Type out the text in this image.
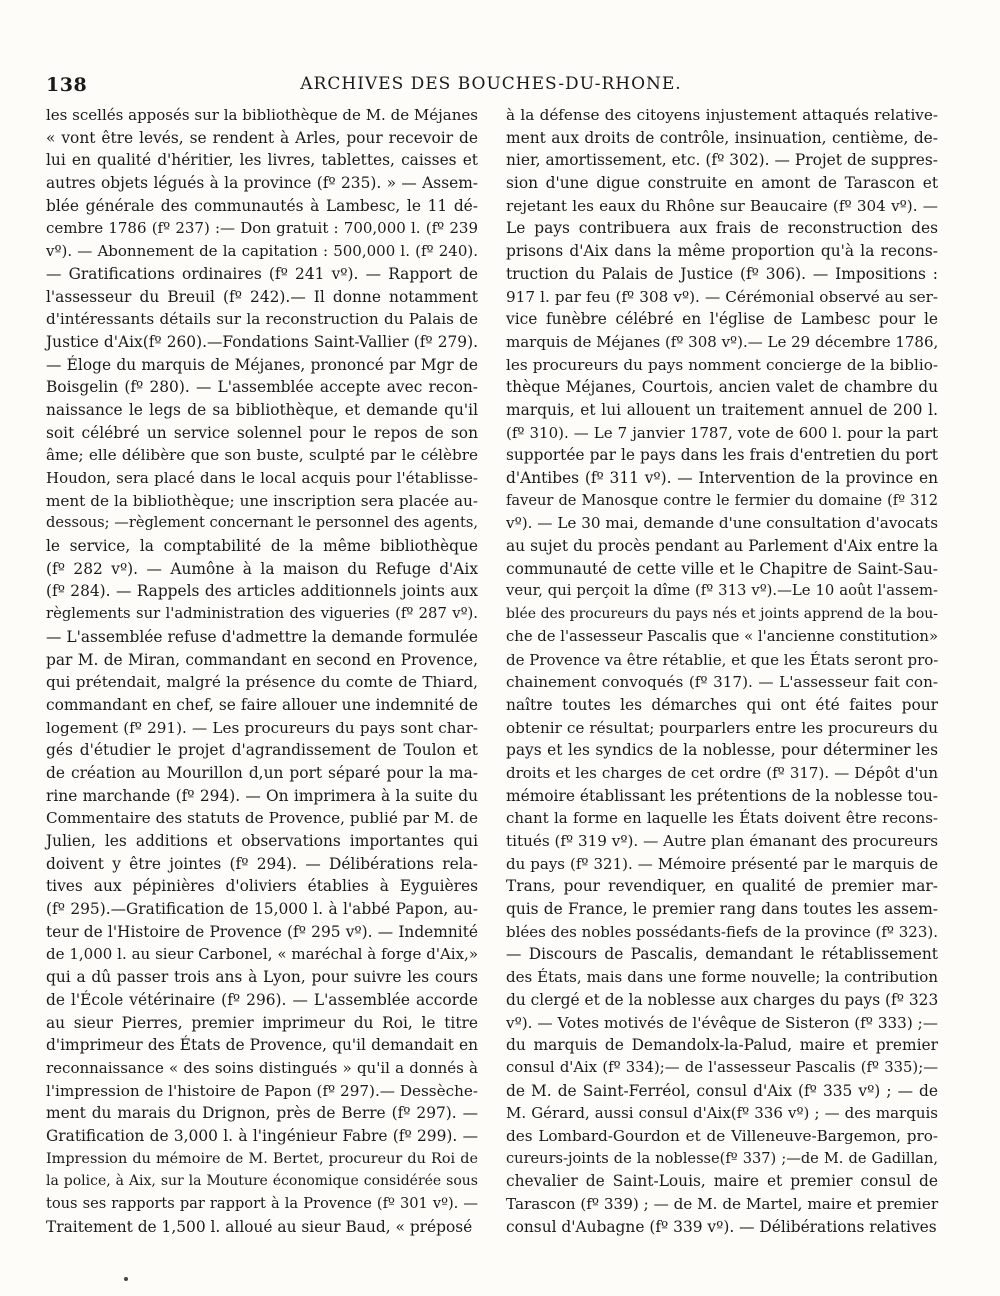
138	ARCHIVES DES BOUCHES-DU-RHONE.
les scellés apposés sur la bibliothèque de M. de Méjanes
« vont être levés, se rendent à Arles, pour recevoir de
lui en qualité d'héritier, les livres, tablettes, caisses et
autres objets légués à la province (fº 235). » — Assem-
blée générale des communautés à Lambesc, le 11 dé-
cembre 1786 (fº 237) :— Don gratuit : 700,000 l. (fº 239
vº). — Abonnement de la capitation : 500,000 l. (fº 240).
— Gratifications ordinaires (fº 241 vº). — Rapport de
l'assesseur du Breuil (fº 242).— Il donne notamment
d'intéressants détails sur la reconstruction du Palais de
Justice d'Aix(fº 260).—Fondations Saint-Vallier (fº 279).
— Éloge du marquis de Méjanes, prononcé par Mgr de
Boisgelin (fº 280). — L'assemblée accepte avec recon-
naissance le legs de sa bibliothèque, et demande qu'il
soit célébré un service solennel pour le repos de son
âme; elle délibère que son buste, sculpté par le célèbre
Houdon, sera placé dans le local acquis pour l'établisse-
ment de la bibliothèque; une inscription sera placée au-
dessous; —règlement concernant le personnel des agents,
le service, la comptabilité de la même bibliothèque
(fº 282 vº). — Aumône à la maison du Refuge d'Aix
(fº 284). — Rappels des articles additionnels joints aux
règlements sur l'administration des vigueries (fº 287 vº).
— L'assemblée refuse d'admettre la demande formulée
par M. de Miran, commandant en second en Provence,
qui prétendait, malgré la présence du comte de Thiard,
commandant en chef, se faire allouer une indemnité de
logement (fº 291). — Les procureurs du pays sont char-
gés d'étudier le projet d'agrandissement de Toulon et
de création au Mourillon d,un port séparé pour la ma-
rine marchande (fº 294). — On imprimera à la suite du
Commentaire des statuts de Provence, publié par M. de
Julien, les additions et observations importantes qui
doivent y être jointes (fº 294). — Délibérations rela-
tives aux pépinières d'oliviers établies à Eyguières
(fº 295).—Gratification de 15,000 l. à l'abbé Papon, au-
teur de l'Histoire de Provence (fº 295 vº). — Indemnité
de 1,000 l. au sieur Carbonel, « maréchal à forge d'Aix,»
qui a dû passer trois ans à Lyon, pour suivre les cours
de l'École vétérinaire (fº 296). — L'assemblée accorde
au sieur Pierres, premier imprimeur du Roi, le titre
d'imprimeur des États de Provence, qu'il demandait en
reconnaissance « des soins distingués » qu'il a donnés à
l'impression de l'histoire de Papon (fº 297).— Dessèche-
ment du marais du Drignon, près de Berre (fº 297). —
Gratification de 3,000 l. à l'ingénieur Fabre (fº 299). —
Impression du mémoire de M. Bertet, procureur du Roi de
la police, à Aix, sur la Mouture économique considérée sous
tous ses rapports par rapport à la Provence (fº 301 vº). —
Traitement de 1,500 l. alloué au sieur Baud, « préposé
à la défense des citoyens injustement attaqués relative-
ment aux droits de contrôle, insinuation, centième, de-
nier, amortissement, etc. (fº 302). — Projet de suppres-
sion d'une digue construite en amont de Tarascon et
rejetant les eaux du Rhône sur Beaucaire (fº 304 vº). —
Le pays contribuera aux frais de reconstruction des
prisons d'Aix dans la même proportion qu'à la recons-
truction du Palais de Justice (fº 306). — Impositions :
917 l. par feu (fº 308 vº). — Cérémonial observé au ser-
vice funèbre célébré en l'église de Lambesc pour le
marquis de Méjanes (fº 308 vº).— Le 29 décembre 1786,
les procureurs du pays nomment concierge de la biblio-
thèque Méjanes, Courtois, ancien valet de chambre du
marquis, et lui allouent un traitement annuel de 200 l.
(fº 310). — Le 7 janvier 1787, vote de 600 l. pour la part
supportée par le pays dans les frais d'entretien du port
d'Antibes (fº 311 vº). — Intervention de la province en
faveur de Manosque contre le fermier du domaine (fº 312
vº). — Le 30 mai, demande d'une consultation d'avocats
au sujet du procès pendant au Parlement d'Aix entre la
communauté de cette ville et le Chapitre de Saint-Sau-
veur, qui perçoit la dîme (fº 313 vº).—Le 10 août l'assem-
blée des procureurs du pays nés et joints apprend de la bou-
che de l'assesseur Pascalis que « l'ancienne constitution»
de Provence va être rétablie, et que les États seront pro-
chainement convoqués (fº 317). — L'assesseur fait con-
naître toutes les démarches qui ont été faites pour
obtenir ce résultat; pourparlers entre les procureurs du
pays et les syndics de la noblesse, pour déterminer les
droits et les charges de cet ordre (fº 317). — Dépôt d'un
mémoire établissant les prétentions de la noblesse tou-
chant la forme en laquelle les États doivent être recons-
titués (fº 319 vº). — Autre plan émanant des procureurs
du pays (fº 321). — Mémoire présenté par le marquis de
Trans, pour revendiquer, en qualité de premier mar-
quis de France, le premier rang dans toutes les assem-
blées des nobles possédants-fiefs de la province (fº 323).
— Discours de Pascalis, demandant le rétablissement
des États, mais dans une forme nouvelle; la contribution
du clergé et de la noblesse aux charges du pays (fº 323
vº). — Votes motivés de l'évêque de Sisteron (fº 333) ;—
du marquis de Demandolx-la-Palud, maire et premier
consul d'Aix (fº 334);— de l'assesseur Pascalis (fº 335);—
de M. de Saint-Ferréol, consul d'Aix (fº 335 vº) ; — de
M. Gérard, aussi consul d'Aix(fº 336 vº) ; — des marquis
des Lombard-Gourdon et de Villeneuve-Bargemon, pro-
cureurs-joints de la noblesse(fº 337) ;—de M. de Gadillan,
chevalier de Saint-Louis, maire et premier consul de
Tarascon (fº 339) ; — de M. de Martel, maire et premier
consul d'Aubagne (fº 339 vº). — Délibérations relatives
